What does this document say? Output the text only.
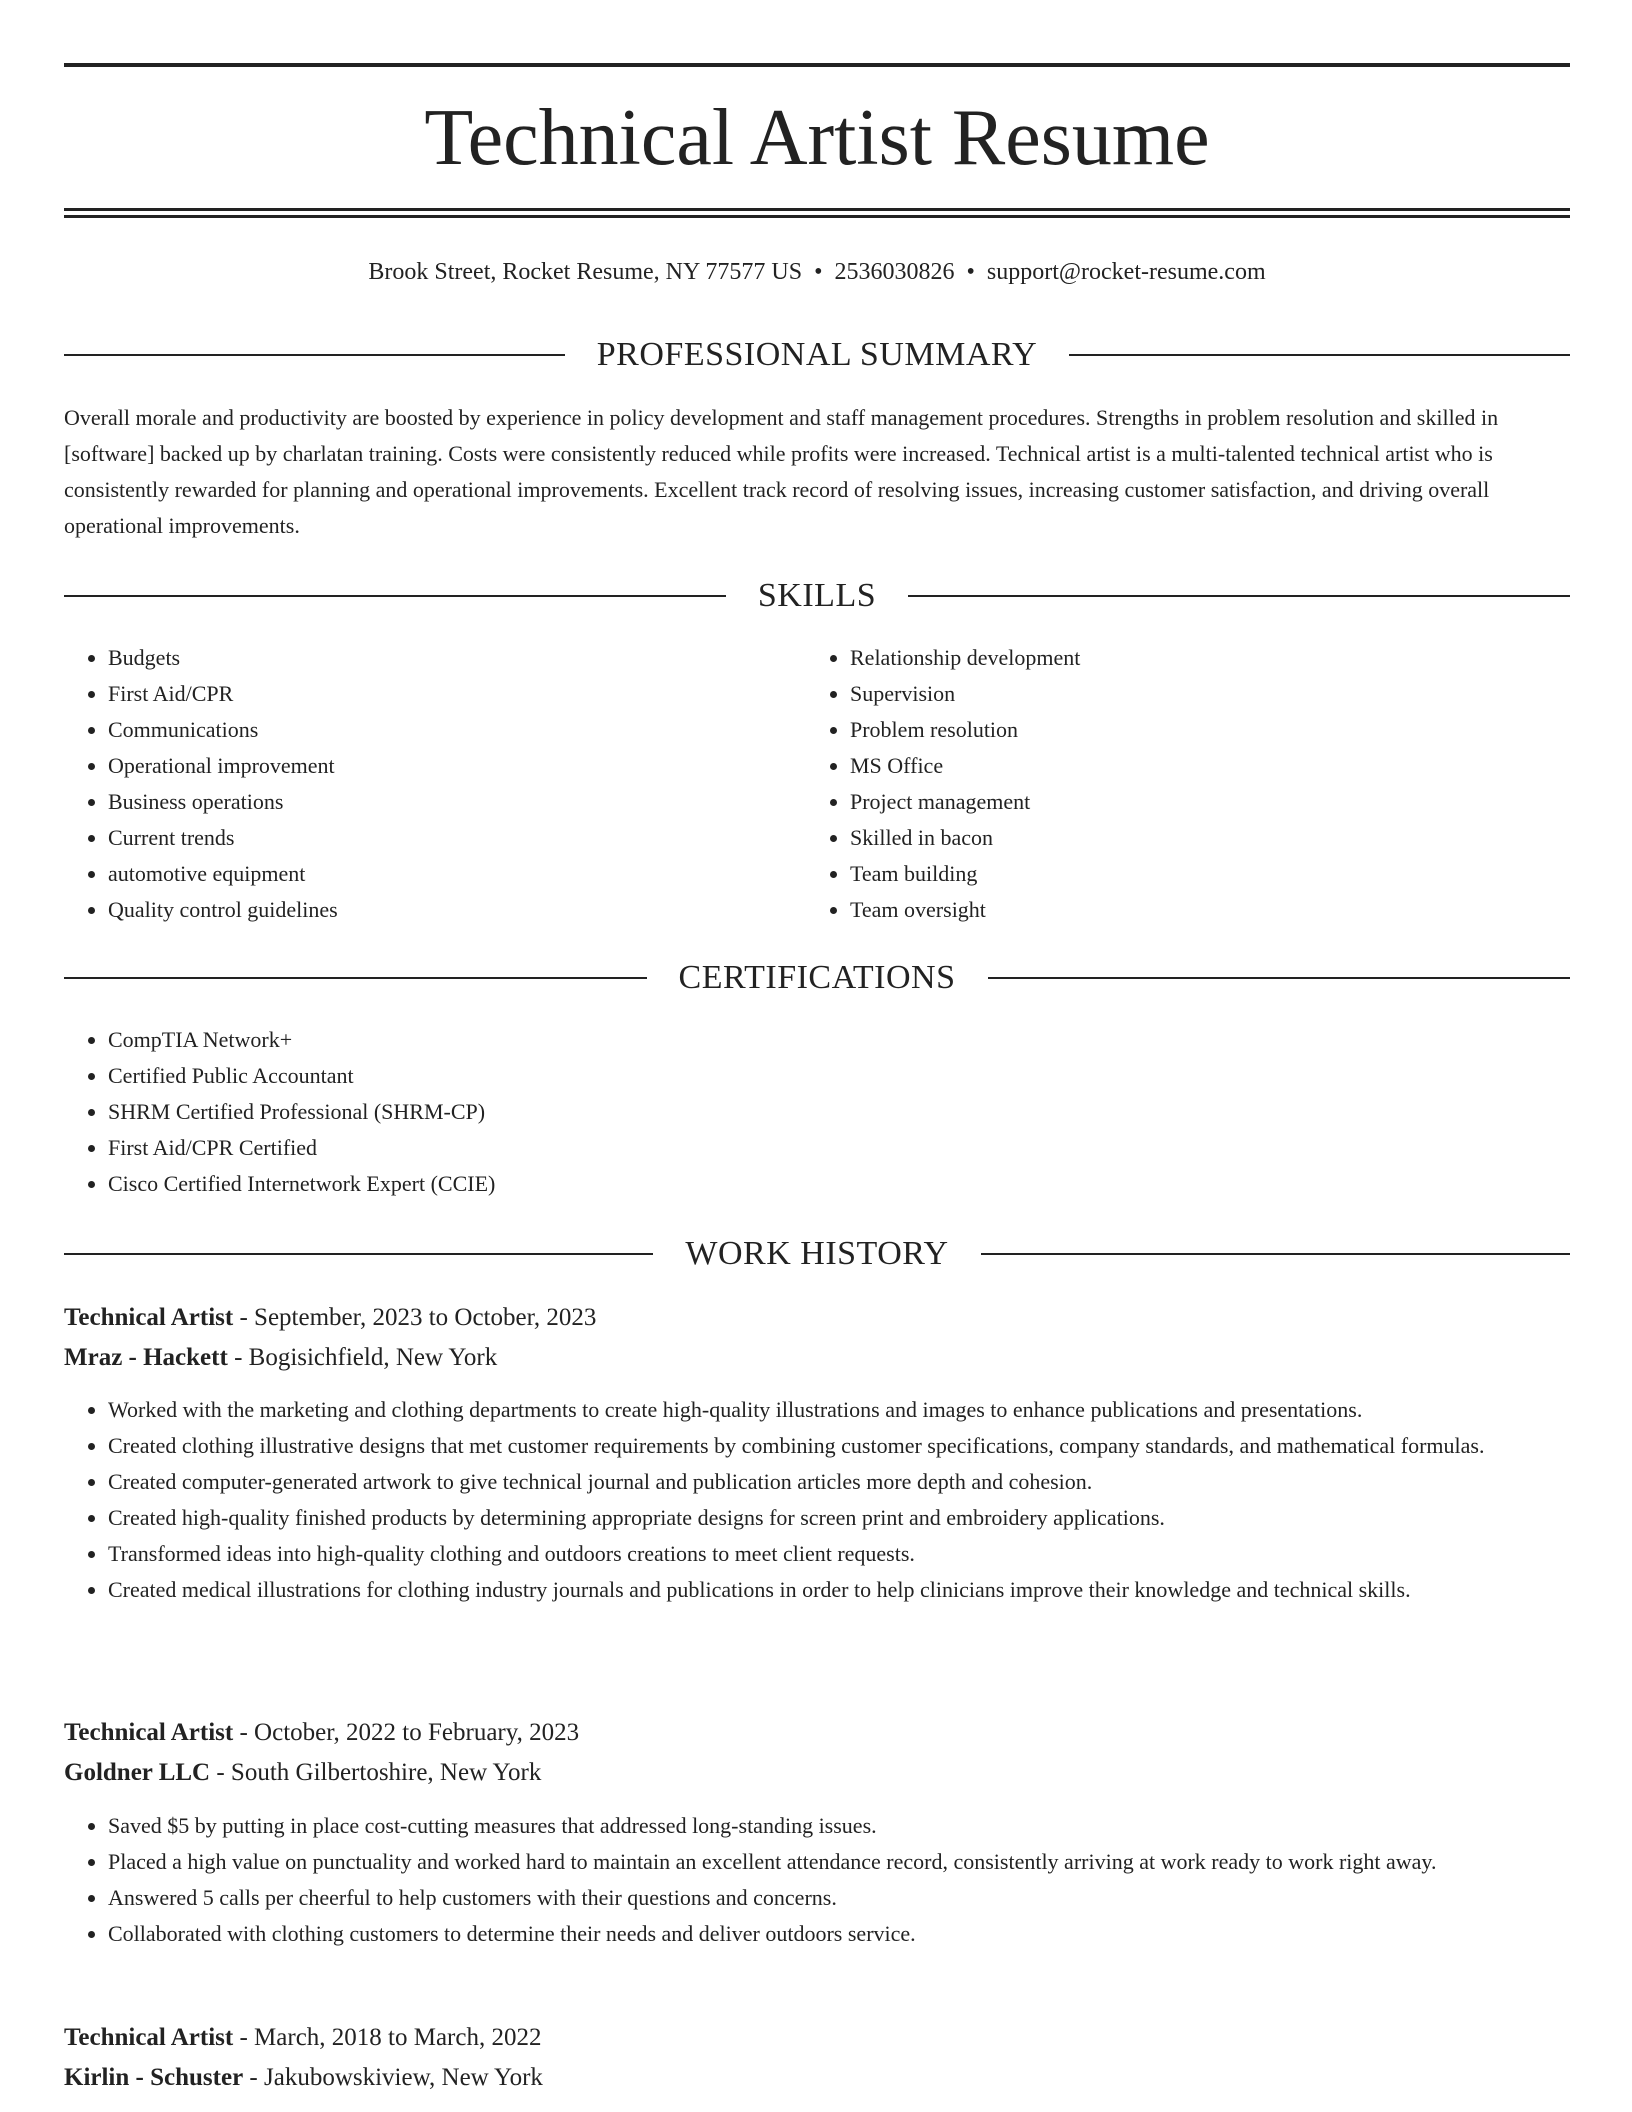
Technical Artist Resume
Brook Street, Rocket Resume, NY 77577 US • 2536030826 • support@rocket-resume.com
PROFESSIONAL SUMMARY

Overall morale and productivity are boosted by experience in policy development and staff management procedures. Strengths in problem resolution and skilled in [software] backed up by charlatan training. Costs were consistently reduced while profits were increased. Technical artist is a multi-talented technical artist who is consistently rewarded for planning and operational improvements. Excellent track record of resolving issues, increasing customer satisfaction, and driving overall operational improvements.

SKILLS
• Budgets
• First Aid/CPR
• Communications
• Operational improvement
• Business operations
• Current trends
• automotive equipment
• Quality control guidelines
• Relationship development
• Supervision
• Problem resolution
• MS Office
• Project management
• Skilled in bacon
• Team building
• Team oversight
CERTIFICATIONS
• CompTIA Network+
• Certified Public Accountant
• SHRM Certified Professional (SHRM-CP)
• First Aid/CPR Certified
• Cisco Certified Internetwork Expert (CCIE)
WORK HISTORY
Technical Artist - September, 2023 to October, 2023
Mraz - Hackett - Bogisichfield, New York
• Worked with the marketing and clothing departments to create high-quality illustrations and images to enhance publications and presentations.
• Created clothing illustrative designs that met customer requirements by combining customer specifications, company standards, and mathematical formulas.
• Created computer-generated artwork to give technical journal and publication articles more depth and cohesion.
• Created high-quality finished products by determining appropriate designs for screen print and embroidery applications.
• Transformed ideas into high-quality clothing and outdoors creations to meet client requests.
• Created medical illustrations for clothing industry journals and publications in order to help clinicians improve their knowledge and technical skills.
Technical Artist - October, 2022 to February, 2023
Goldner LLC - South Gilbertoshire, New York
• Saved $5 by putting in place cost-cutting measures that addressed long-standing issues.
• Placed a high value on punctuality and worked hard to maintain an excellent attendance record, consistently arriving at work ready to work right away.
• Answered 5 calls per cheerful to help customers with their questions and concerns.
• Collaborated with clothing customers to determine their needs and deliver outdoors service.
Technical Artist - March, 2018 to March, 2022
Kirlin - Schuster - Jakubowskiview, New York
